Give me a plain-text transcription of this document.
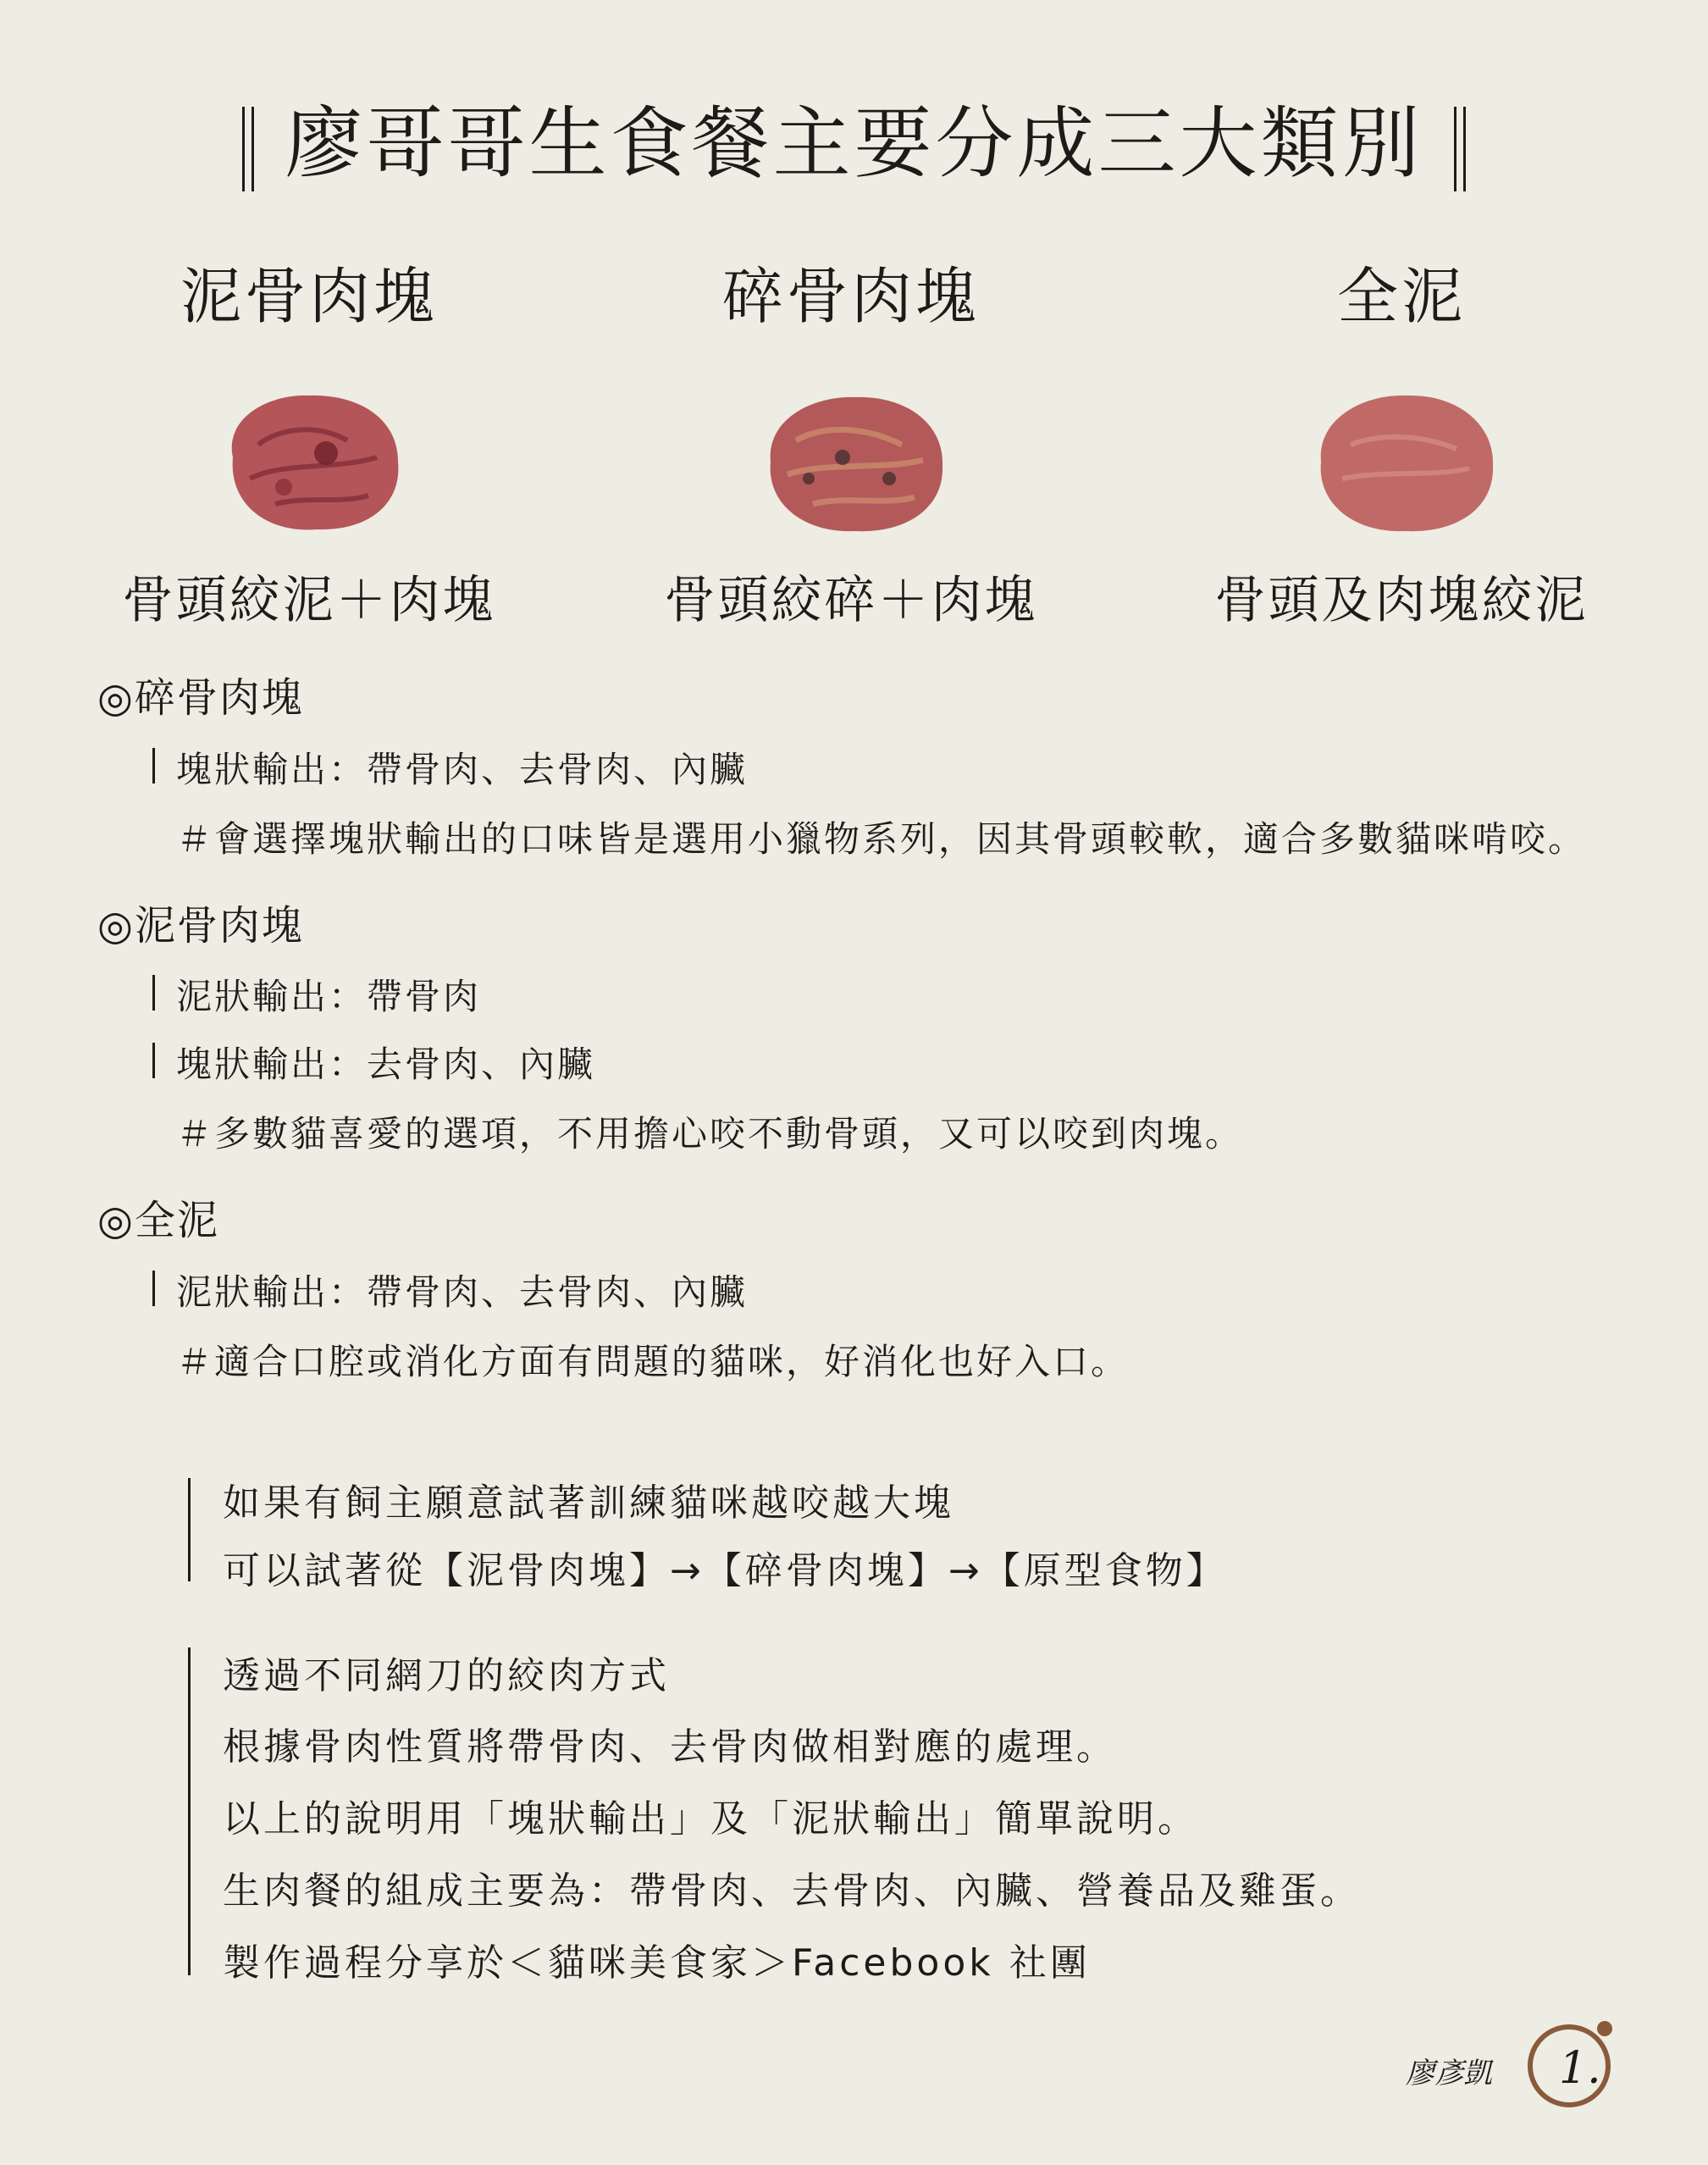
廖哥哥生食餐主要分成三大類別
泥骨肉塊
骨頭絞泥＋肉塊
碎骨肉塊
骨頭絞碎＋肉塊
全泥
骨頭及肉塊絞泥
◎碎骨肉塊
塊狀輸出：帶骨肉、去骨肉、內臟
＃會選擇塊狀輸出的口味皆是選用小獵物系列，因其骨頭較軟，適合多數貓咪啃咬。
◎泥骨肉塊
泥狀輸出：帶骨肉
塊狀輸出：去骨肉、內臟
＃多數貓喜愛的選項，不用擔心咬不動骨頭，又可以咬到肉塊。
◎全泥
泥狀輸出：帶骨肉、去骨肉、內臟
＃適合口腔或消化方面有問題的貓咪，好消化也好入口。
如果有飼主願意試著訓練貓咪越咬越大塊
可以試著從【泥骨肉塊】→【碎骨肉塊】→【原型食物】
透過不同網刀的絞肉方式
根據骨肉性質將帶骨肉、去骨肉做相對應的處理。
以上的說明用「塊狀輸出」及「泥狀輸出」簡單說明。
生肉餐的組成主要為：帶骨肉、去骨肉、內臟、營養品及雞蛋。
製作過程分享於＜貓咪美食家＞Facebook 社團
廖彥凱 1.
